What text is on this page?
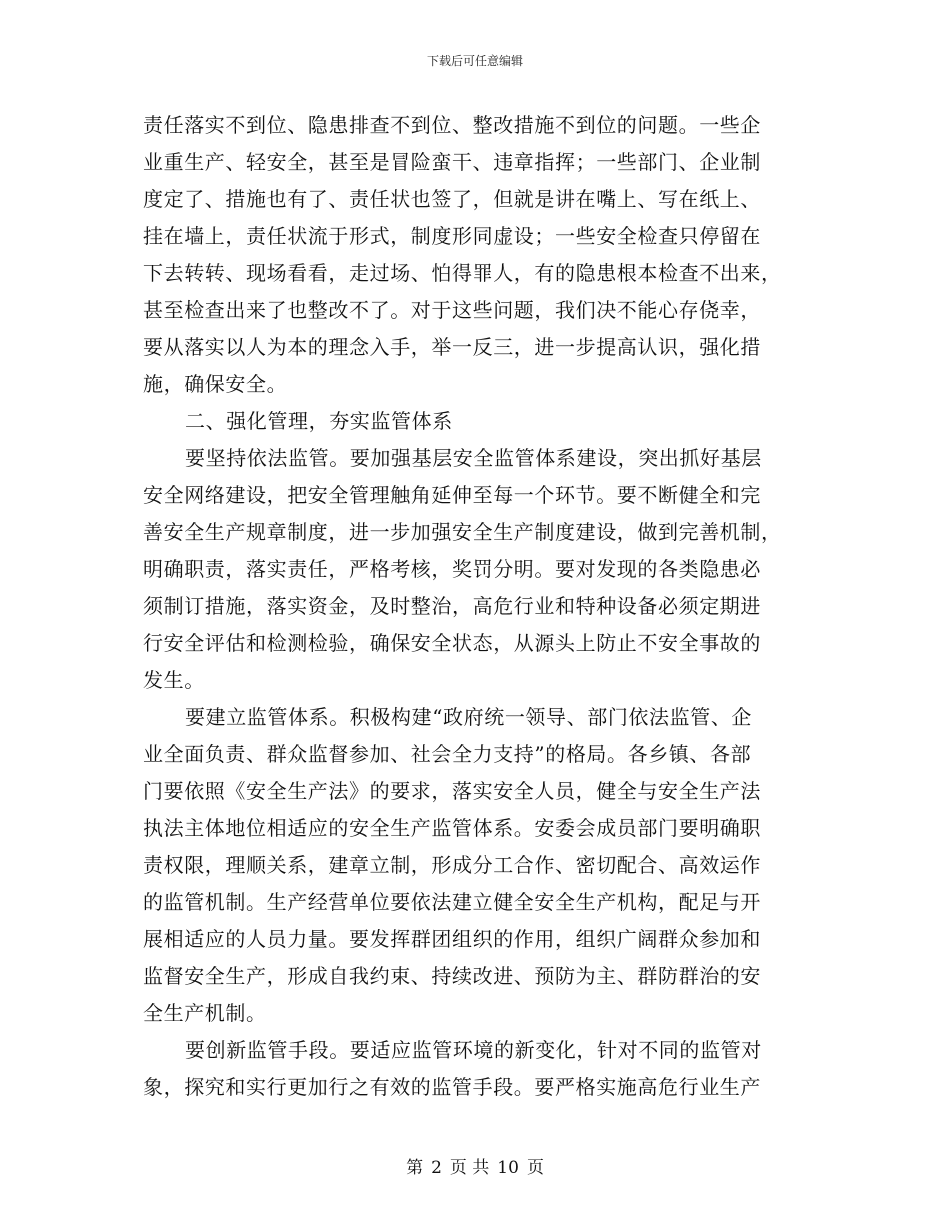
下载后可任意编辑
责任落实不到位、隐患排查不到位、整改措施不到位的问题。一些企
业重生产、轻安全，甚至是冒险蛮干、违章指挥；一些部门、企业制
度定了、措施也有了、责任状也签了，但就是讲在嘴上、写在纸上、
挂在墙上，责任状流于形式，制度形同虚设；一些安全检查只停留在
下去转转、现场看看，走过场、怕得罪人，有的隐患根本检查不出来，
甚至检查出来了也整改不了。对于这些问题，我们决不能心存侥幸，
要从落实以人为本的理念入手，举一反三，进一步提高认识，强化措
施，确保安全。
二、强化管理，夯实监管体系
要坚持依法监管。要加强基层安全监管体系建设，突出抓好基层
安全网络建设，把安全管理触角延伸至每一个环节。要不断健全和完
善安全生产规章制度，进一步加强安全生产制度建设，做到完善机制，
明确职责，落实责任，严格考核，奖罚分明。要对发现的各类隐患必
须制订措施，落实资金，及时整治，高危行业和特种设备必须定期进
行安全评估和检测检验，确保安全状态，从源头上防止不安全事故的
发生。
要建立监管体系。积极构建“政府统一领导、部门依法监管、企
业全面负责、群众监督参加、社会全力支持”的格局。各乡镇、各部
门要依照《安全生产法》的要求，落实安全人员，健全与安全生产法
执法主体地位相适应的安全生产监管体系。安委会成员部门要明确职
责权限，理顺关系，建章立制，形成分工合作、密切配合、高效运作
的监管机制。生产经营单位要依法建立健全安全生产机构，配足与开
展相适应的人员力量。要发挥群团组织的作用，组织广阔群众参加和
监督安全生产，形成自我约束、持续改进、预防为主、群防群治的安
全生产机制。
要创新监管手段。要适应监管环境的新变化，针对不同的监管对
象，探究和实行更加行之有效的监管手段。要严格实施高危行业生产
第 2 页 共 10 页
